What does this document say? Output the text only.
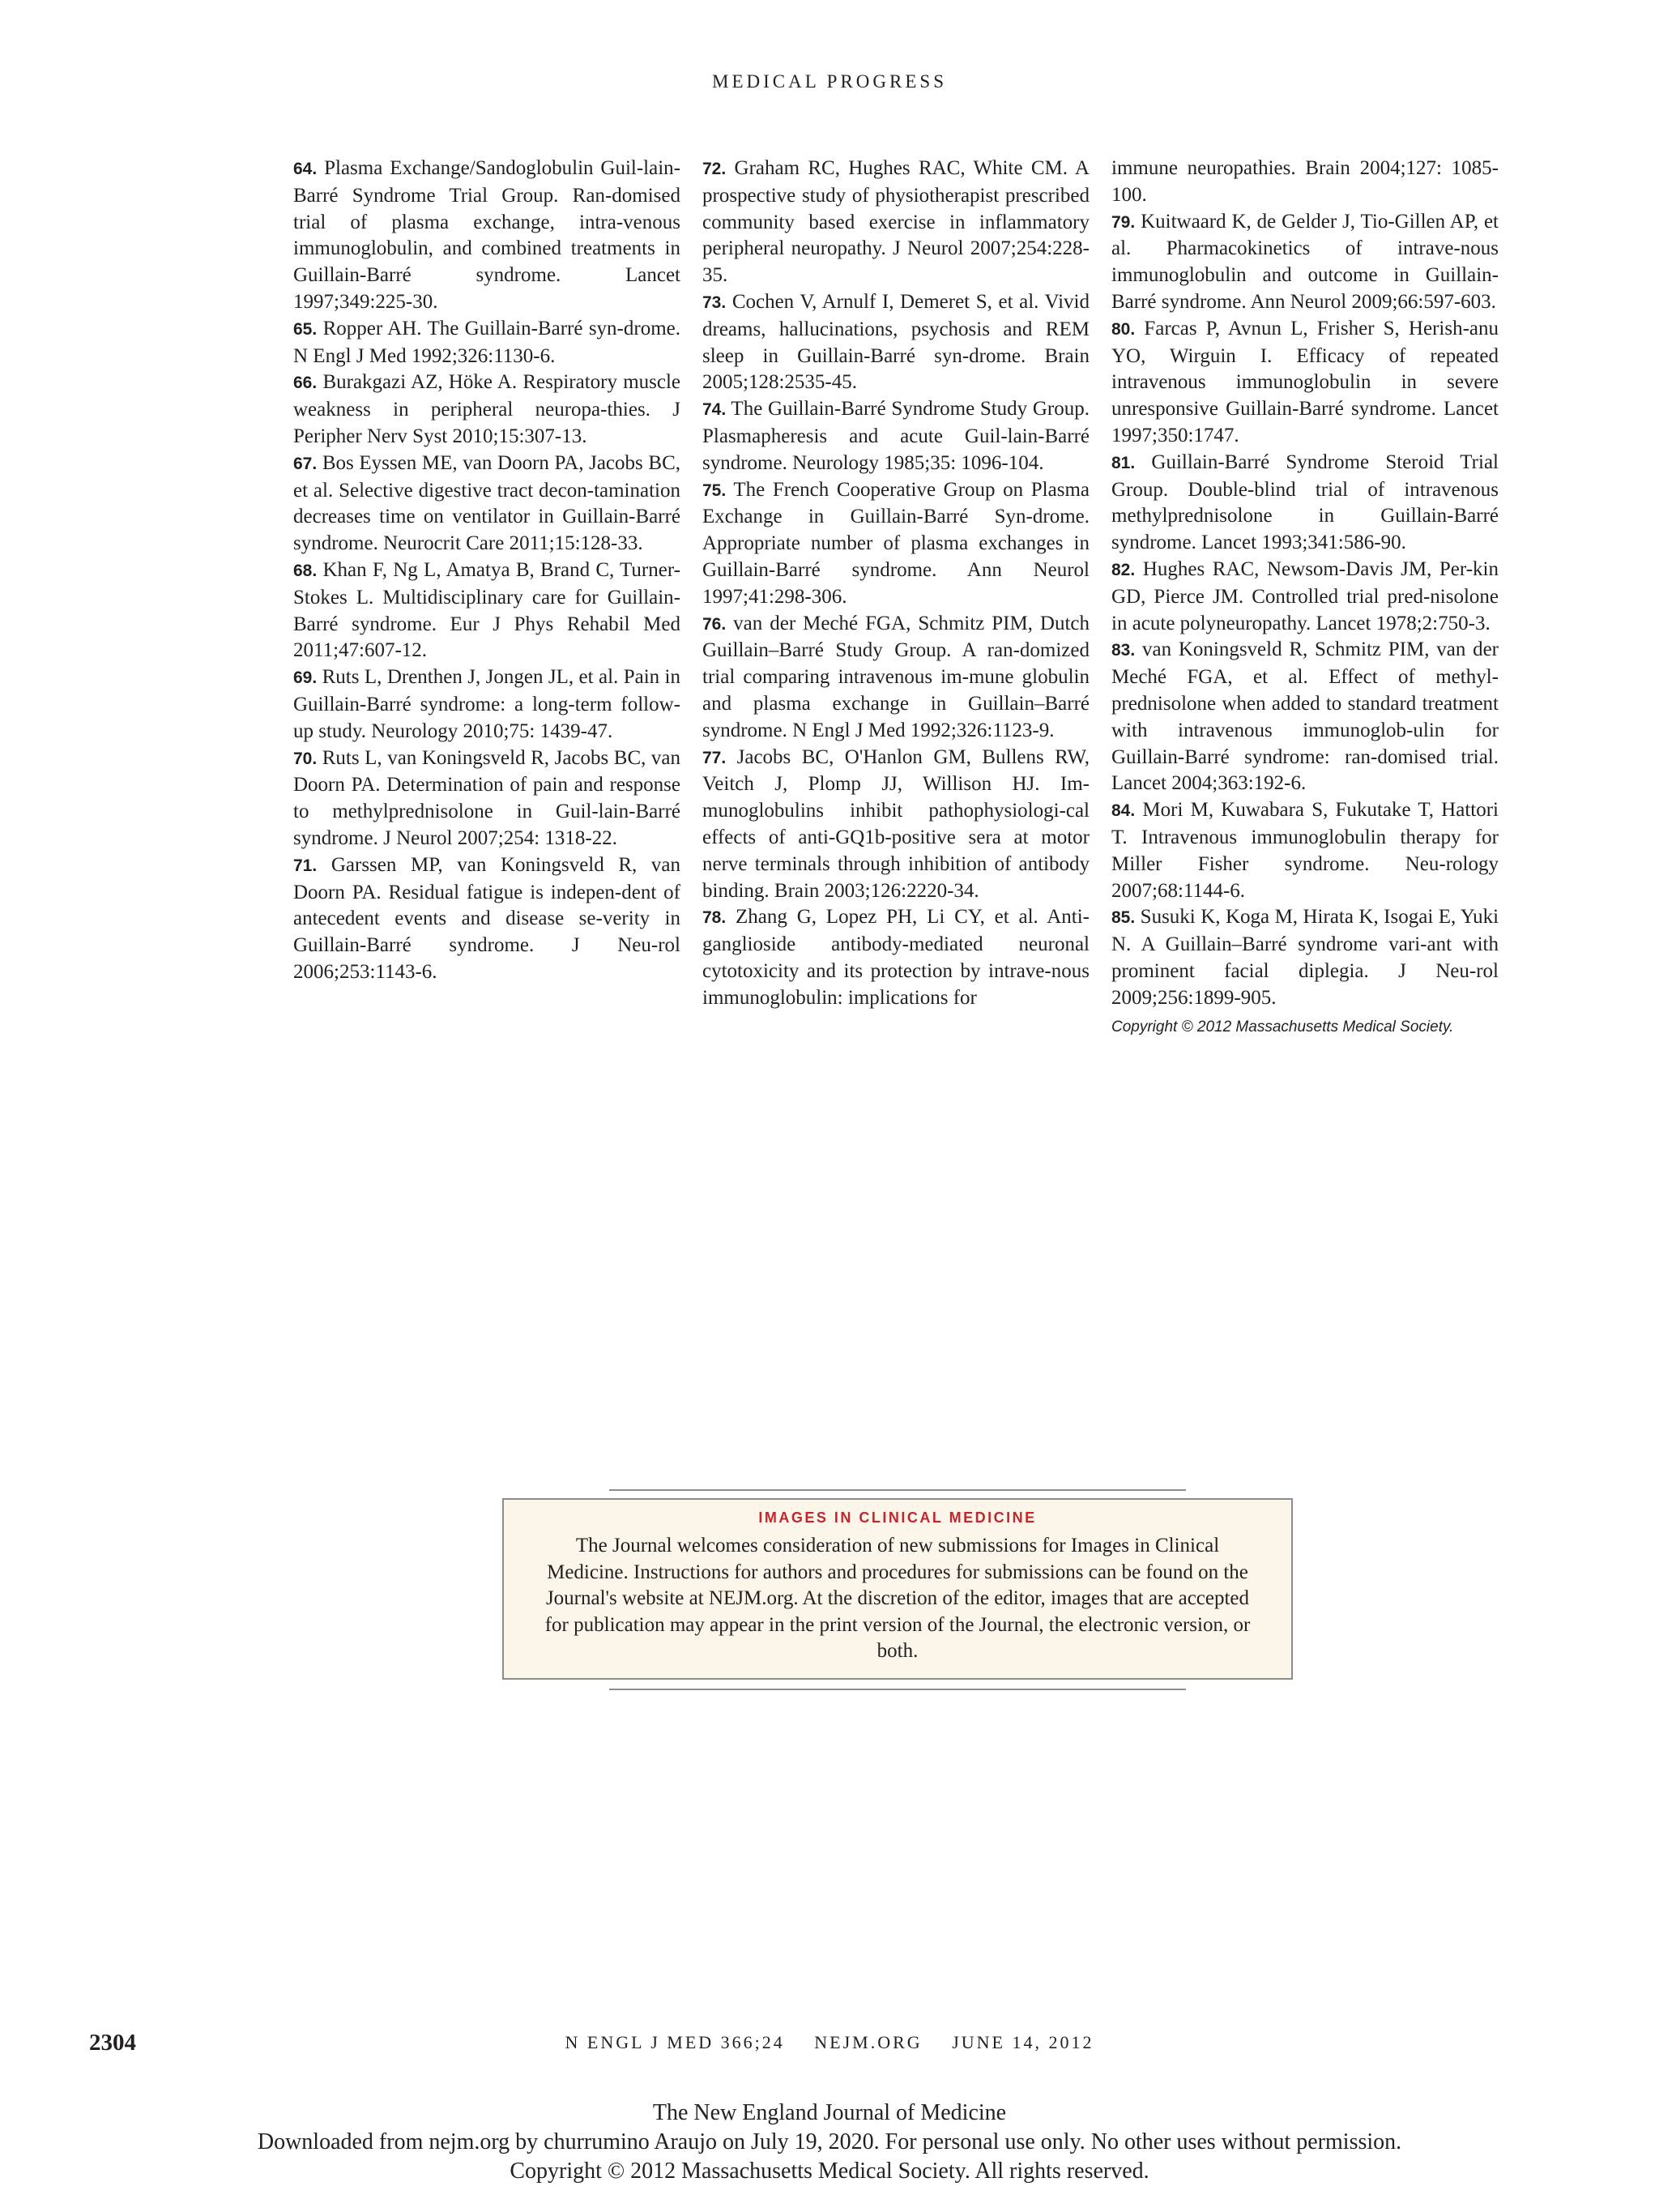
MEDICAL PROGRESS

64. Plasma Exchange/Sandoglobulin Guil-lain-Barré Syndrome Trial Group. Ran-domised trial of plasma exchange, intra-venous immunoglobulin, and combined treatments in Guillain-Barré syndrome. Lancet 1997;349:225-30.

65. Ropper AH. The Guillain-Barré syn-drome. N Engl J Med 1992;326:1130-6.

66. Burakgazi AZ, Höke A. Respiratory muscle weakness in peripheral neuropa-thies. J Peripher Nerv Syst 2010;15:307-13.

67. Bos Eyssen ME, van Doorn PA, Jacobs BC, et al. Selective digestive tract decon-tamination decreases time on ventilator in Guillain-Barré syndrome. Neurocrit Care 2011;15:128-33.

68. Khan F, Ng L, Amatya B, Brand C, Turner-Stokes L. Multidisciplinary care for Guillain-Barré syndrome. Eur J Phys Rehabil Med 2011;47:607-12.

69. Ruts L, Drenthen J, Jongen JL, et al. Pain in Guillain-Barré syndrome: a long-term follow-up study. Neurology 2010;75: 1439-47.

70. Ruts L, van Koningsveld R, Jacobs BC, van Doorn PA. Determination of pain and response to methylprednisolone in Guil-lain-Barré syndrome. J Neurol 2007;254: 1318-22.

71. Garssen MP, van Koningsveld R, van Doorn PA. Residual fatigue is indepen-dent of antecedent events and disease se-verity in Guillain-Barré syndrome. J Neu-rol 2006;253:1143-6.

72. Graham RC, Hughes RAC, White CM. A prospective study of physiotherapist prescribed community based exercise in inflammatory peripheral neuropathy. J Neurol 2007;254:228-35.

73. Cochen V, Arnulf I, Demeret S, et al. Vivid dreams, hallucinations, psychosis and REM sleep in Guillain-Barré syn-drome. Brain 2005;128:2535-45.

74. The Guillain-Barré Syndrome Study Group. Plasmapheresis and acute Guil-lain-Barré syndrome. Neurology 1985;35: 1096-104.

75. The French Cooperative Group on Plasma Exchange in Guillain-Barré Syn-drome. Appropriate number of plasma exchanges in Guillain-Barré syndrome. Ann Neurol 1997;41:298-306.

76. van der Meché FGA, Schmitz PIM, Dutch Guillain–Barré Study Group. A ran-domized trial comparing intravenous im-mune globulin and plasma exchange in Guillain–Barré syndrome. N Engl J Med 1992;326:1123-9.

77. Jacobs BC, O'Hanlon GM, Bullens RW, Veitch J, Plomp JJ, Willison HJ. Im-munoglobulins inhibit pathophysiologi-cal effects of anti-GQ1b-positive sera at motor nerve terminals through inhibition of antibody binding. Brain 2003;126:2220-34.

78. Zhang G, Lopez PH, Li CY, et al. Anti-ganglioside antibody-mediated neuronal cytotoxicity and its protection by intrave-nous immunoglobulin: implications for

immune neuropathies. Brain 2004;127: 1085-100.

79. Kuitwaard K, de Gelder J, Tio-Gillen AP, et al. Pharmacokinetics of intrave-nous immunoglobulin and outcome in Guillain-Barré syndrome. Ann Neurol 2009;66:597-603.

80. Farcas P, Avnun L, Frisher S, Herish-anu YO, Wirguin I. Efficacy of repeated intravenous immunoglobulin in severe unresponsive Guillain-Barré syndrome. Lancet 1997;350:1747.

81. Guillain-Barré Syndrome Steroid Trial Group. Double-blind trial of intravenous methylprednisolone in Guillain-Barré syndrome. Lancet 1993;341:586-90.

82. Hughes RAC, Newsom-Davis JM, Per-kin GD, Pierce JM. Controlled trial pred-nisolone in acute polyneuropathy. Lancet 1978;2:750-3.

83. van Koningsveld R, Schmitz PIM, van der Meché FGA, et al. Effect of methyl-prednisolone when added to standard treatment with intravenous immunoglob-ulin for Guillain-Barré syndrome: ran-domised trial. Lancet 2004;363:192-6.

84. Mori M, Kuwabara S, Fukutake T, Hattori T. Intravenous immunoglobulin therapy for Miller Fisher syndrome. Neu-rology 2007;68:1144-6.

85. Susuki K, Koga M, Hirata K, Isogai E, Yuki N. A Guillain–Barré syndrome vari-ant with prominent facial diplegia. J Neu-rol 2009;256:1899-905.

Copyright © 2012 Massachusetts Medical Society.
IMAGES IN CLINICAL MEDICINE
The Journal welcomes consideration of new submissions for Images in Clinical Medicine. Instructions for authors and procedures for submissions can be found on the Journal's website at NEJM.org. At the discretion of the editor, images that are accepted for publication may appear in the print version of the Journal, the electronic version, or both.
2304	N ENGL J MED 366;24 NEJM.ORG JUNE 14, 2012
The New England Journal of Medicine
Downloaded from nejm.org by churrumino Araujo on July 19, 2020. For personal use only. No other uses without permission.
Copyright © 2012 Massachusetts Medical Society. All rights reserved.
